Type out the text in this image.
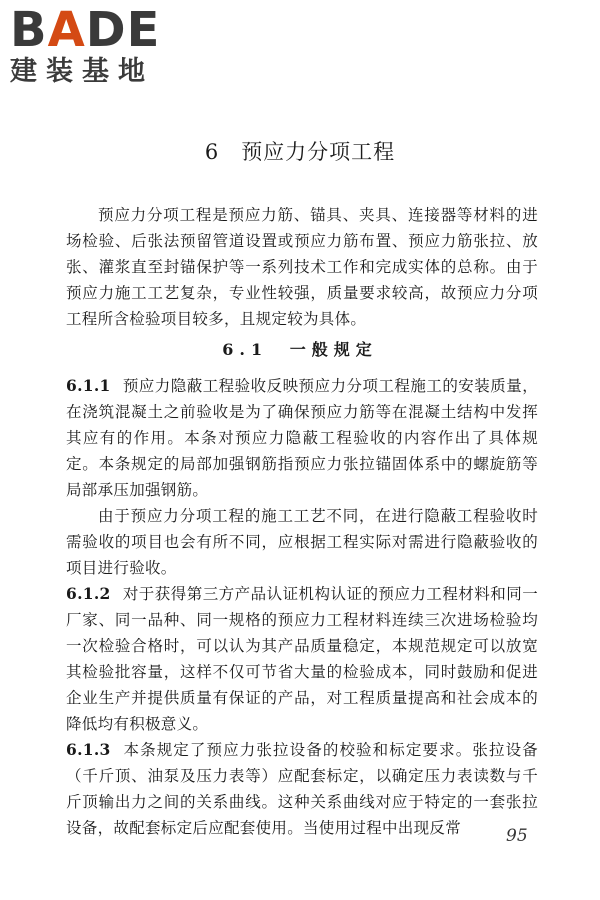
BADE
建装基地
6 预应力分项工程

预应力分项工程是预应力筋、锚具、夹具、连接器等材料的进场检验、后张法预留管道设置或预应力筋布置、预应力筋张拉、放张、灌浆直至封锚保护等一系列技术工作和完成实体的总称。由于预应力施工工艺复杂，专业性较强，质量要求较高，故预应力分项工程所含检验项目较多，且规定较为具体。

6.1 一般规定

6.1.1 预应力隐蔽工程验收反映预应力分项工程施工的安装质量，在浇筑混凝土之前验收是为了确保预应力筋等在混凝土结构中发挥其应有的作用。本条对预应力隐蔽工程验收的内容作出了具体规定。本条规定的局部加强钢筋指预应力张拉锚固体系中的螺旋筋等局部承压加强钢筋。

由于预应力分项工程的施工工艺不同，在进行隐蔽工程验收时需验收的项目也会有所不同，应根据工程实际对需进行隐蔽验收的项目进行验收。

6.1.2 对于获得第三方产品认证机构认证的预应力工程材料和同一厂家、同一品种、同一规格的预应力工程材料连续三次进场检验均一次检验合格时，可以认为其产品质量稳定，本规范规定可以放宽其检验批容量，这样不仅可节省大量的检验成本，同时鼓励和促进企业生产并提供质量有保证的产品，对工程质量提高和社会成本的降低均有积极意义。

6.1.3 本条规定了预应力张拉设备的校验和标定要求。张拉设备（千斤顶、油泵及压力表等）应配套标定，以确定压力表读数与千斤顶输出力之间的关系曲线。这种关系曲线对应于特定的一套张拉设备，故配套标定后应配套使用。当使用过程中出现反常	95
